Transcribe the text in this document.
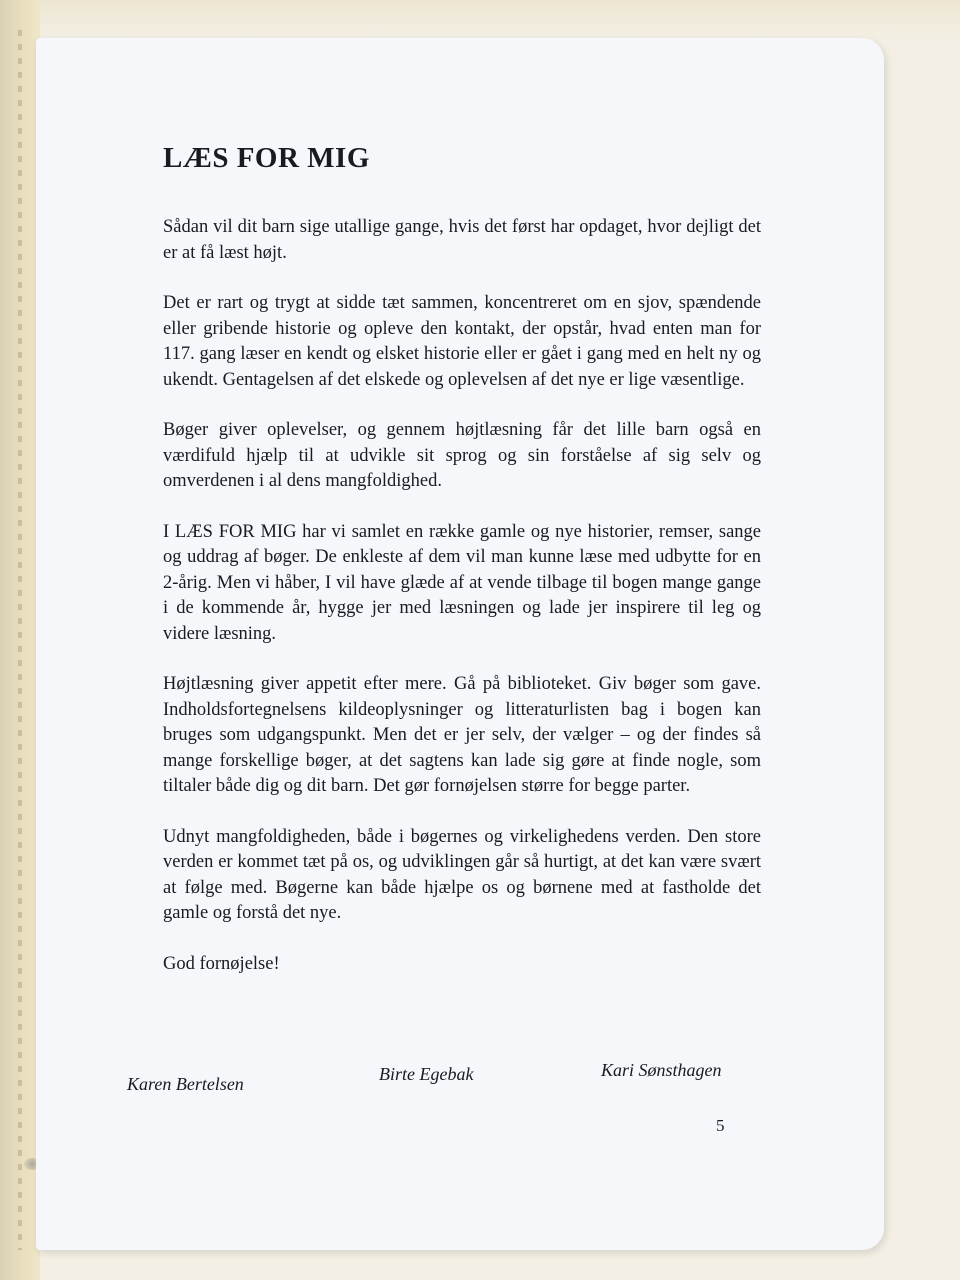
LÆS FOR MIG

Sådan vil dit barn sige utallige gange, hvis det først har opdaget, hvor dejligt det er at få læst højt.

Det er rart og trygt at sidde tæt sammen, koncentreret om en sjov, spændende eller gribende historie og opleve den kontakt, der opstår, hvad enten man for 117. gang læser en kendt og elsket historie eller er gået i gang med en helt ny og ukendt. Gentagelsen af det elskede og oplevelsen af det nye er lige væsentlige.

Bøger giver oplevelser, og gennem højtlæsning får det lille barn også en værdifuld hjælp til at udvikle sit sprog og sin forståelse af sig selv og omverdenen i al dens mangfoldighed.

I LÆS FOR MIG har vi samlet en række gamle og nye historier, remser, sange og uddrag af bøger. De enkleste af dem vil man kunne læse med udbytte for en 2-årig. Men vi håber, I vil have glæde af at vende tilbage til bogen mange gange i de kommende år, hygge jer med læsningen og lade jer inspirere til leg og videre læsning.

Højtlæsning giver appetit efter mere. Gå på biblioteket. Giv bøger som gave. Indholdsfortegnelsens kildeoplysninger og litteraturlisten bag i bogen kan bruges som udgangspunkt. Men det er jer selv, der vælger – og der findes så mange forskellige bøger, at det sagtens kan lade sig gøre at finde nogle, som tiltaler både dig og dit barn. Det gør fornøjelsen større for begge parter.

Udnyt mangfoldigheden, både i bøgernes og virkelighedens verden. Den store verden er kommet tæt på os, og udviklingen går så hurtigt, at det kan være svært at følge med. Bøgerne kan både hjælpe os og børnene med at fastholde det gamle og forstå det nye.

God fornøjelse!

Karen Bertelsen	Birte Egebak	Kari Sønsthagen
5
